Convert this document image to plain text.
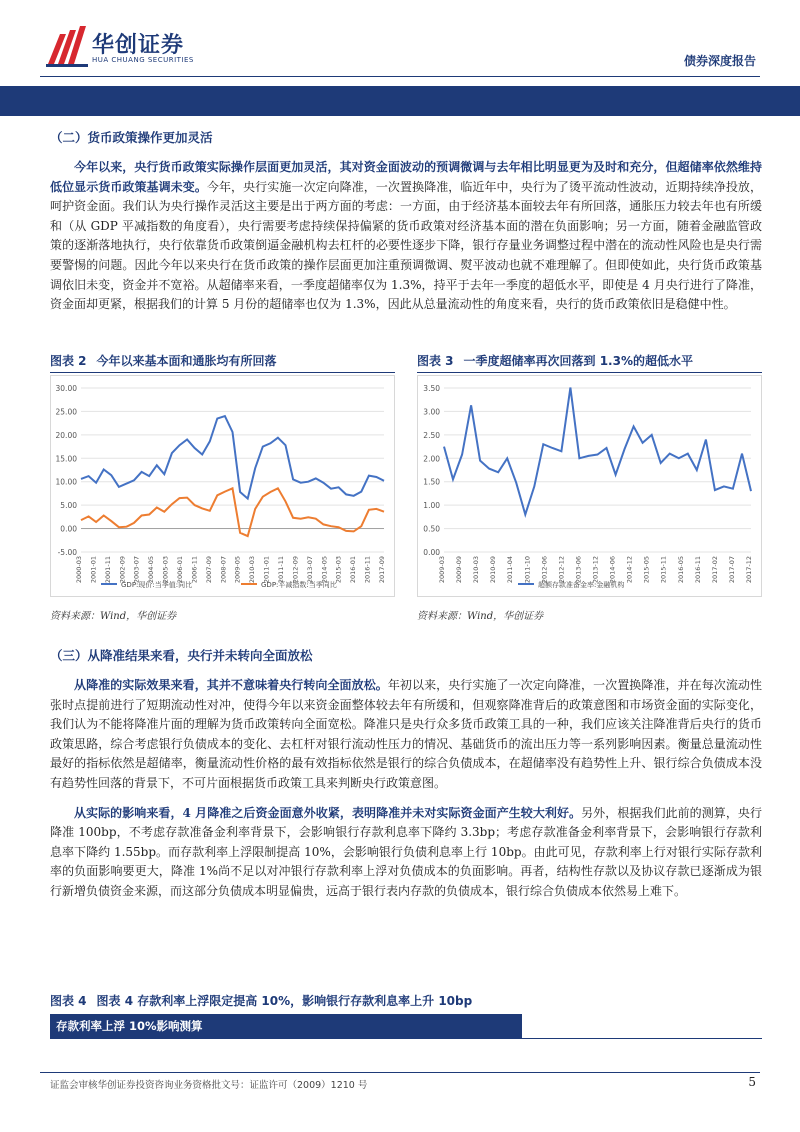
华创证券
HUA CHUANG SECURITIES	债券深度报告
（二）货币政策操作更加灵活

今年以来，央行货币政策实际操作层面更加灵活，其对资金面波动的预调微调与去年相比明显更为及时和充分，但超储率依然维持低位显示货币政策基调未变。今年，央行实施一次定向降准，一次置换降准，临近年中，央行为了烫平流动性波动，近期持续净投放，呵护资金面。我们认为央行操作灵活这主要是出于两方面的考虑：一方面，由于经济基本面较去年有所回落，通胀压力较去年也有所缓和（从 GDP 平减指数的角度看），央行需要考虑持续保持偏紧的货币政策对经济基本面的潜在负面影响；另一方面，随着金融监管政策的逐渐落地执行，央行依靠货币政策倒逼金融机构去杠杆的必要性逐步下降，银行存量业务调整过程中潜在的流动性风险也是央行需要警惕的问题。因此今年以来央行在货币政策的操作层面更加注重预调微调、熨平波动也就不难理解了。但即使如此，央行货币政策基调依旧未变，资金并不宽裕。从超储率来看，一季度超储率仅为 1.3%，持平于去年一季度的超低水平，即使是 4 月央行进行了降准，资金面却更紧，根据我们的计算 5 月份的超储率也仅为 1.3%，因此从总量流动性的角度来看，央行的货币政策依旧是稳健中性。

图表 2 今年以来基本面和通胀均有所回落
30.00
25.00
20.00
15.00
10.00
5.00
0.00
-5.00
2000-03 2001-01 2001-11 2002-09 2003-07 2004-05 2005-03 2006-01 2006-11 2007-09 2008-07 2009-05 2010-03 2011-01 2011-11 2012-09 2013-07 2014-05 2015-03 2016-01 2016-11 2017-09
GDP:现价:当季值:同比	GDP:平减指数:当季同比
资料来源：Wind，华创证券
图表 3 一季度超储率再次回落到 1.3%的超低水平
3.50
3.00
2.50
2.00
1.50
1.00
0.50
0.00
2009-03 2009-09 2010-03 2010-09 2011-04 2011-10 2012-06 2012-12 2013-06 2013-12 2014-06 2014-12 2015-05 2015-11 2016-05 2016-11 2017-02 2017-07 2017-12
超额存款准备金率:金融机构
资料来源：Wind，华创证券
（三）从降准结果来看，央行并未转向全面放松

从降准的实际效果来看，其并不意味着央行转向全面放松。年初以来，央行实施了一次定向降准，一次置换降准，并在每次流动性张时点提前进行了短期流动性对冲，使得今年以来资金面整体较去年有所缓和，但观察降准背后的政策意图和市场资金面的实际变化，我们认为不能将降准片面的理解为货币政策转向全面宽松。降准只是央行众多货币政策工具的一种，我们应该关注降准背后央行的货币政策思路，综合考虑银行负债成本的变化、去杠杆对银行流动性压力的情况、基础货币的流出压力等一系列影响因素。衡量总量流动性最好的指标依然是超储率，衡量流动性价格的最有效指标依然是银行的综合负债成本，在超储率没有趋势性上升、银行综合负债成本没有趋势性回落的背景下，不可片面根据货币政策工具来判断央行政策意图。

从实际的影响来看，4 月降准之后资金面意外收紧，表明降准并未对实际资金面产生较大利好。另外，根据我们此前的测算，央行降准 100bp，不考虑存款准备金利率背景下，会影响银行存款利息率下降约 3.3bp；考虑存款准备金利率背景下，会影响银行存款利息率下降约 1.55bp。而存款利率上浮限制提高 10%，会影响银行负债利息率上行 10bp。由此可见，存款利率上行对银行实际存款利率的负面影响要更大，降准 1%尚不足以对冲银行存款利率上浮对负债成本的负面影响。再者，结构性存款以及协议存款已逐渐成为银行新增负债资金来源，而这部分负债成本明显偏贵，远高于银行表内存款的负债成本，银行综合负债成本依然易上难下。

图表 4 图表 4 存款利率上浮限定提高 10%，影响银行存款利息率上升 10bp
存款利率上浮 10%影响测算
证监会审核华创证券投资咨询业务资格批文号：证监许可（2009）1210 号	5
